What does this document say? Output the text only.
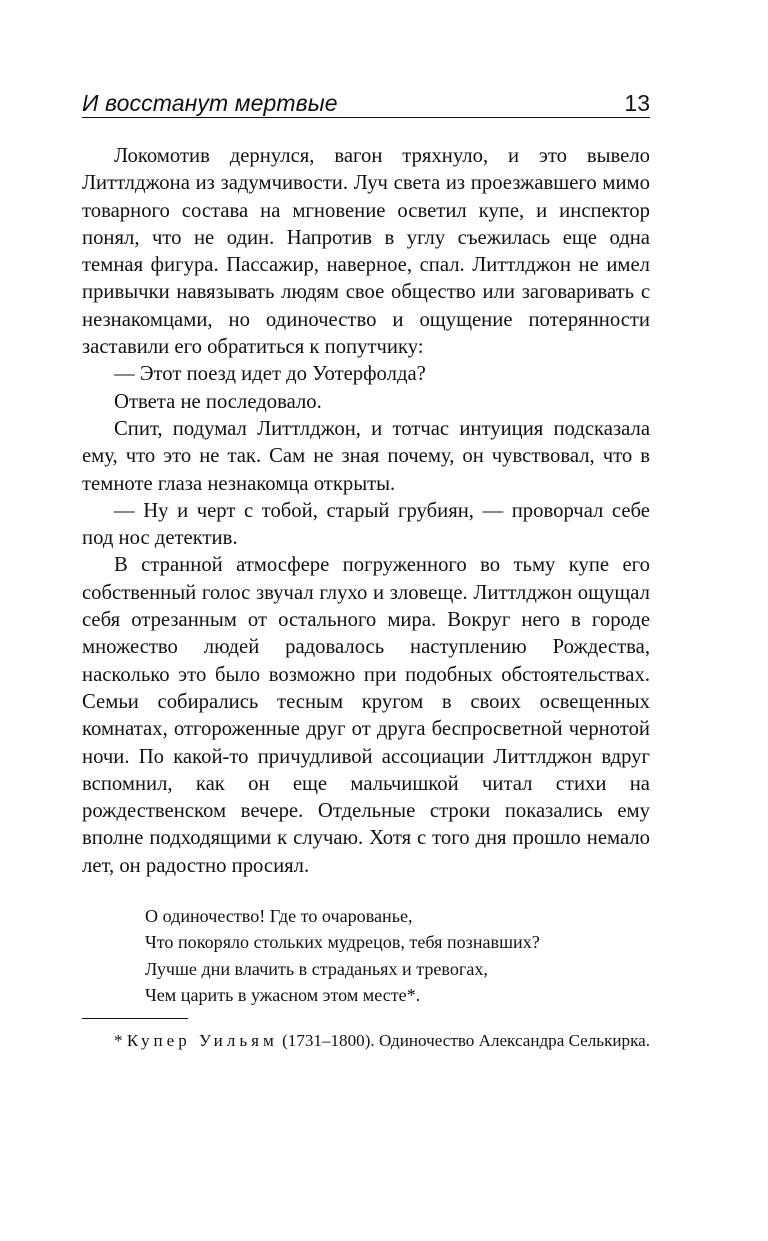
И восстанут мертвые	13

Локомотив дернулся, вагон тряхнуло, и это вывело Литтлджона из задумчивости. Луч света из проезжавшего мимо товарного состава на мгновение осветил купе, и инспектор понял, что не один. Напротив в углу съежилась еще одна темная фигура. Пассажир, наверное, спал. Литтлджон не имел привычки навязывать людям свое общество или заговаривать с незнакомцами, но одиночество и ощущение потерянности заставили его обратиться к попутчику:

— Этот поезд идет до Уотерфолда?

Ответа не последовало.

Спит, подумал Литтлджон, и тотчас интуиция подсказала ему, что это не так. Сам не зная почему, он чувствовал, что в темноте глаза незнакомца открыты.

— Ну и черт с тобой, старый грубиян, — проворчал себе под нос детектив.

В странной атмосфере погруженного во тьму купе его собственный голос звучал глухо и зловеще. Литтлджон ощущал себя отрезанным от остального мира. Вокруг него в городе множество людей радовалось наступлению Рождества, насколько это было возможно при подобных обстоятельствах. Семьи собирались тесным кругом в своих освещенных комнатах, отгороженные друг от друга беспросветной чернотой ночи. По какой-то причудливой ассоциации Литтлджон вдруг вспомнил, как он еще мальчишкой читал стихи на рождественском вечере. Отдельные строки показались ему вполне подходящими к случаю. Хотя с того дня прошло немало лет, он радостно просиял.

О одиночество! Где то очарованье,
Что покоряло стольких мудрецов, тебя познавших?
Лучше дни влачить в страданьях и тревогах,
Чем царить в ужасном этом месте*.

* Купер Уильям (1731–1800). Одиночество Александра Селькирка.
